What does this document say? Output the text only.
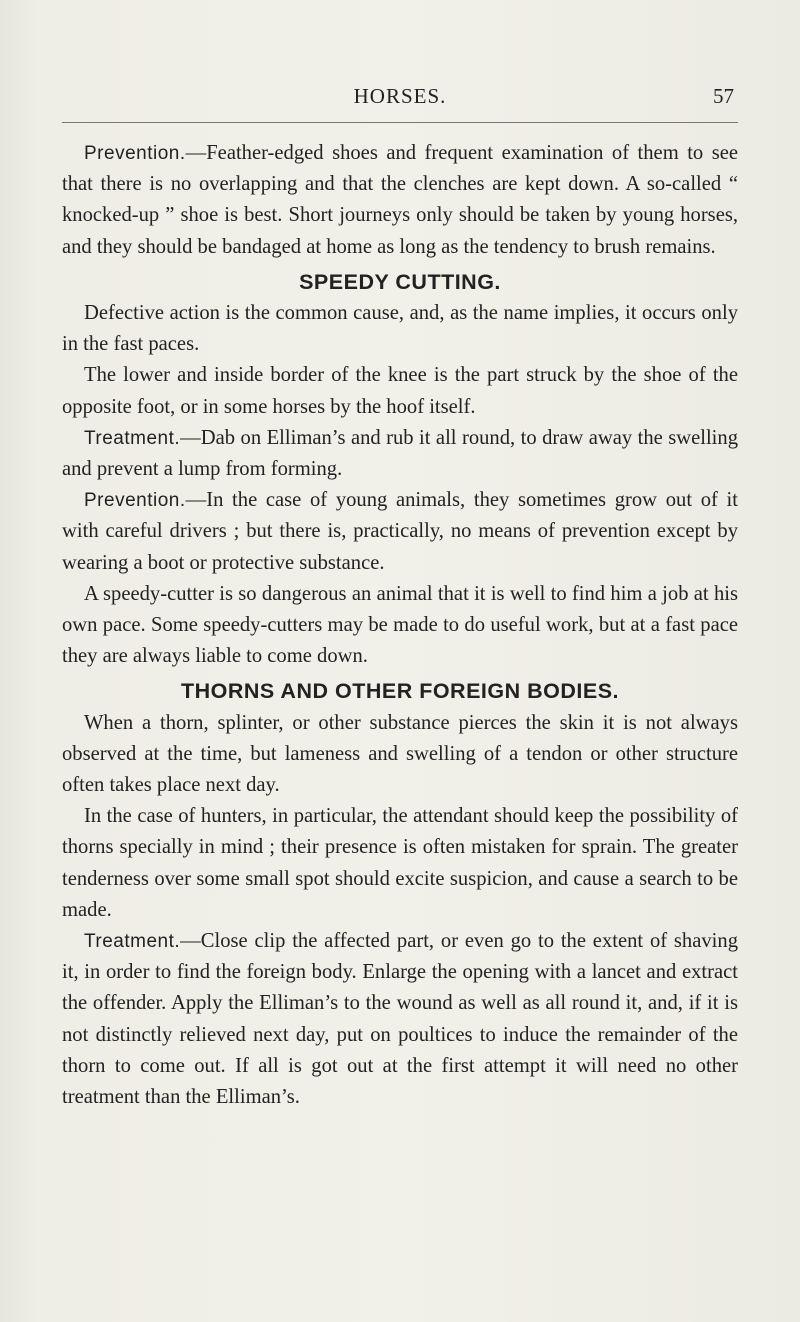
HORSES.	57

Prevention.—Feather-edged shoes and frequent examination of them to see that there is no overlapping and that the clenches are kept down. A so-called “ knocked-up ” shoe is best. Short journeys only should be taken by young horses, and they should be bandaged at home as long as the tendency to brush remains.

SPEEDY CUTTING.

Defective action is the common cause, and, as the name implies, it occurs only in the fast paces.

The lower and inside border of the knee is the part struck by the shoe of the opposite foot, or in some horses by the hoof itself.

Treatment.—Dab on Elliman’s and rub it all round, to draw away the swelling and prevent a lump from forming.

Prevention.—In the case of young animals, they sometimes grow out of it with careful drivers ; but there is, practically, no means of prevention except by wearing a boot or protective substance.

A speedy-cutter is so dangerous an animal that it is well to find him a job at his own pace. Some speedy-cutters may be made to do useful work, but at a fast pace they are always liable to come down.

THORNS AND OTHER FOREIGN BODIES.

When a thorn, splinter, or other substance pierces the skin it is not always observed at the time, but lameness and swelling of a tendon or other structure often takes place next day.

In the case of hunters, in particular, the attendant should keep the possibility of thorns specially in mind ; their presence is often mistaken for sprain. The greater tenderness over some small spot should excite suspicion, and cause a search to be made.

Treatment.—Close clip the affected part, or even go to the extent of shaving it, in order to find the foreign body. Enlarge the opening with a lancet and extract the offender. Apply the Elliman’s to the wound as well as all round it, and, if it is not distinctly relieved next day, put on poultices to induce the remainder of the thorn to come out. If all is got out at the first attempt it will need no other treatment than the Elliman’s.
